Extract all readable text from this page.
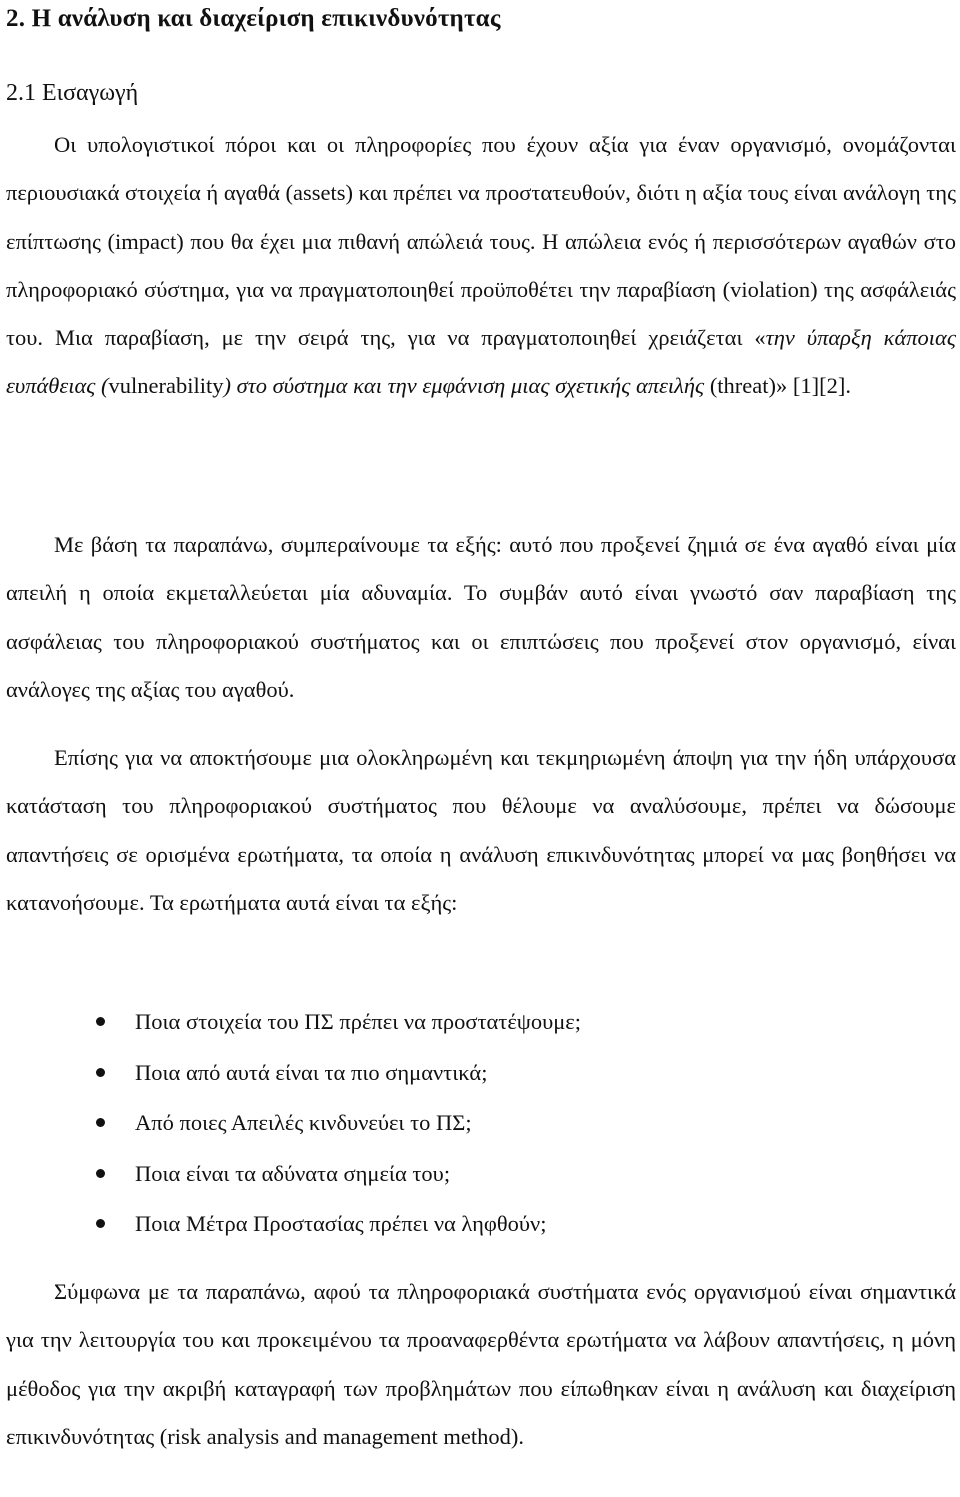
2. Η ανάλυση και διαχείριση επικινδυνότητας
2.1 Εισαγωγή

Οι υπολογιστικοί πόροι και οι πληροφορίες που έχουν αξία για έναν οργανισμό, ονομάζονται περιουσιακά στοιχεία ή αγαθά (assets) και πρέπει να προστατευθούν, διότι η αξία τους είναι ανάλογη της επίπτωσης (impact) που θα έχει μια πιθανή απώλειά τους. Η απώλεια ενός ή περισσότερων αγαθών στο πληροφοριακό σύστημα, για να πραγματοποιηθεί προϋποθέτει την παραβίαση (violation) της ασφάλειάς του. Μια παραβίαση, με την σειρά της, για να πραγματοποιηθεί χρειάζεται «την ύπαρξη κάποιας ευπάθειας (vulnerability) στο σύστημα και την εμφάνιση μιας σχετικής απειλής (threat)» [1][2].

Με βάση τα παραπάνω, συμπεραίνουμε τα εξής: αυτό που προξενεί ζημιά σε ένα αγαθό είναι μία απειλή η οποία εκμεταλλεύεται μία αδυναμία. Το συμβάν αυτό είναι γνωστό σαν παραβίαση της ασφάλειας του πληροφοριακού συστήματος και οι επιπτώσεις που προξενεί στον οργανισμό, είναι ανάλογες της αξίας του αγαθού.

Επίσης για να αποκτήσουμε μια ολοκληρωμένη και τεκμηριωμένη άποψη για την ήδη υπάρχουσα κατάσταση του πληροφοριακού συστήματος που θέλουμε να αναλύσουμε, πρέπει να δώσουμε απαντήσεις σε ορισμένα ερωτήματα, τα οποία η ανάλυση επικινδυνότητας μπορεί να μας βοηθήσει να κατανοήσουμε. Τα ερωτήματα αυτά είναι τα εξής:

Ποια στοιχεία του ΠΣ πρέπει να προστατέψουμε;
Ποια από αυτά είναι τα πιο σημαντικά;
Από ποιες Απειλές κινδυνεύει το ΠΣ;
Ποια είναι τα αδύνατα σημεία του;
Ποια Μέτρα Προστασίας πρέπει να ληφθούν;

Σύμφωνα με τα παραπάνω, αφού τα πληροφοριακά συστήματα ενός οργανισμού είναι σημαντικά για την λειτουργία του και προκειμένου τα προαναφερθέντα ερωτήματα να λάβουν απαντήσεις, η μόνη μέθοδος για την ακριβή καταγραφή των προβλημάτων που είπωθηκαν είναι η ανάλυση και διαχείριση επικινδυνότητας (risk analysis and management method).
